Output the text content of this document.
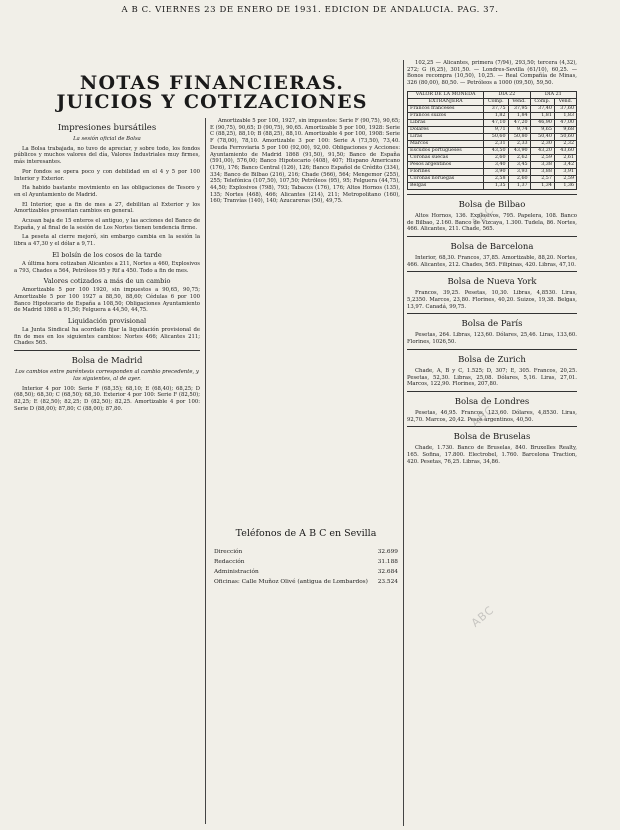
A B C. VIERNES 23 DE ENERO DE 1931. EDICION DE ANDALUCIA. PAG. 37.
NOTAS FINANCIERAS. JUICIOS Y COTIZACIONES
Impresiones bursátiles

La sesión oficial de Bolsa

La Bolsa trabajada, no tuvo de apreciar, y sobre todo, los fondos públicos y muchos valores del día, Valores Industriales muy firmes, más interesantes.

Por fondos se opera poco y con debilidad en el 4 y 5 por 100 Interior y Exterior.

Ha habido bastante movimiento en las obligaciones de Tesoro y en el Ayuntamiento de Madrid.

El Interior, que a fin de mes a 27, debilitan al Exterior y los Amortizables presentan cambios en general.

Acusan baja de 15 enteros el antiguo, y las acciones del Banco de España, y al final de la sesión de Los Nortes tienen tendencia firme.

La peseta al cierre mejoró, sin embargo cambia en la sesión la libra a 47,30 y el dólar a 9,71.

El bolsín de los cosos de la tarde

A última hora cotizaban Alicantes a 211, Nortes a 460, Explosivos a 793, Chades a 564, Petróleos 95 y Rif a 450. Todo a fin de mes.

Valores cotizados a más de un cambio

Amortizable 5 por 100 1920, sin impuestos a 90,65, 90,75; Amortizable 5 por 100 1927 a 88,50, 88,60; Cédulas 6 por 100 Banco Hipotecario de España a 108,50; Obligaciones Ayuntamiento de Madrid 1868 a 91,50; Felguera a 44,50, 44,75.

Liquidación provisional

La Junta Sindical ha acordado fijar la liquidación provisional de fin de mes en los siguientes cambios: Nortes 466; Alicantes 211; Chades 565.

Bolsa de Madrid

Los cambios entre paréntesis corresponden al cambio precedente, y las siguientes, al de ayer.

Interior 4 por 100: Serie F (68,35); 68,10; E (68,40); 68,25; D (68,50); 68,30; C (68,50); 68,30. Exterior 4 por 100: Serie F (82,50); 82,25; E (82,50); 82,25; D (82,50); 82,25. Amortizable 4 por 100: Serie D (88,00); 87,80; C (88,00); 87,80.

Amortizable 5 por 100, 1927, sin impuestos: Serie F (90,75), 90,65; E (90,75), 90,65; D (90,75), 90,65. Amortizable 5 por 100, 1928: Serie C (88,25), 88,10; B (88,25), 88,10. Amortizable 4 por 100, 1908: Serie F (78,00), 78,10. Amortizable 3 por 100: Serie A (73,50), 73,40. Deuda Ferroviaria 5 por 100 (92,00), 92,00. Obligaciones y Acciones: Ayuntamiento de Madrid 1868 (91,50), 91,50; Banco de España (591,00), 576,00; Banco Hipotecario (408), 407; Hispano Americano (176), 176; Banco Central (126), 126; Banco Español de Crédito (334), 334; Banco de Bilbao (216), 216; Chade (566), 564; Mengemor (255), 255; Telefónica (107,50), 107,50; Petróleos (95), 95; Felguera (44,75), 44,50; Explosivos (798), 793; Tabacos (176), 176; Altos Hornos (135), 135; Nortes (468), 466; Alicantes (214), 211; Metropolitano (160), 160; Tranvías (140), 140; Azucareras (50), 49,75.

Teléfonos de A B C en Sevilla
Dirección	32.699
Redacción	31.188
Administración	32.684
Oficinas: Calle Muñoz Olivé (antigua de Lombardos) 23.524

102,25 — Alicantes, primera (7/94), 293,50; tercera (4,32), 272; G (6,25), 301,50. — Londres-Sevilla (61/10), 60,25. — Bonos recompra (10,50), 10,25. — Real Compañía de Minas, 326 (80,00), 80,50. — Petróleos a 1000 (09,50), 59,50.

VALOR DE LA MONEDA	DIA 22		DIA 21	
EXTRANJERA	Comp.	Vend.	Comp.	Vend.
Francos franceses	37,75	37,95	37,40	37,60
Francos suizos	1,82	1,84	1,81	1,83
Libras	47,10	47,20	46,90	47,00
Dólares	9,71	9,74	9,65	9,68
Liras	50,60	50,80	50,40	50,60
Marcos	2,31	2,33	2,30	2,32
Escudos portugueses	43,50	43,90	43,20	43,60
Coronas suecas	2,60	2,62	2,59	2,61
Pesos argentinos	3,40	3,45	3,38	3,42
Florines	3,90	3,93	3,88	3,91
Coronas noruegas	2,58	2,60	2,57	2,59
Belgas	1,35	1,37	1,34	1,36
Bolsa de Bilbao

Altos Hornos, 136. Explosivos, 795. Papelera, 108. Banco de Bilbao, 2.160. Banco de Vizcaya, 1.300. Tudela, 86. Nortes, 466. Alicantes, 211. Chade, 565.

Bolsa de Barcelona

Interior, 68,30. Francos, 37,85. Amortizable, 88,20. Nortes, 466. Alicantes, 212. Chades, 565. Filipinas, 420. Libras, 47,10.

Bolsa de Nueva York

Francos, 39,25. Pesetas, 10,30. Libras, 4,8530. Liras, 5,2350. Marcos, 23,80. Florines, 40,20. Suizos, 19,38. Belgas, 13,97. Canadá, 99,75.

Bolsa de París

Pesetas, 264. Libras, 123,60. Dólares, 25,46. Liras, 133,60. Florines, 1026,50.

Bolsa de Zurich

Chade, A, B y C, 1.525; D, 307; E, 305. Francos, 20,25. Pesetas, 52,30. Libras, 25,08. Dólares, 5,16. Liras, 27,01. Marcos, 122,90. Florines, 207,80.

Bolsa de Londres

Pesetas, 46,95. Francos, 123,60. Dólares, 4,8530. Liras, 92,70. Marcos, 20,42. Pesos argentinos, 40,50.

Bolsa de Bruselas

Chade, 1.730. Banco de Bruselas, 840. Bruxelles Realty, 165. Sofina, 17.800. Electrobel, 1.760. Barcelona Traction, 420. Pesetas, 76,25. Libras, 34,86.

ABC
ABC
ABC
